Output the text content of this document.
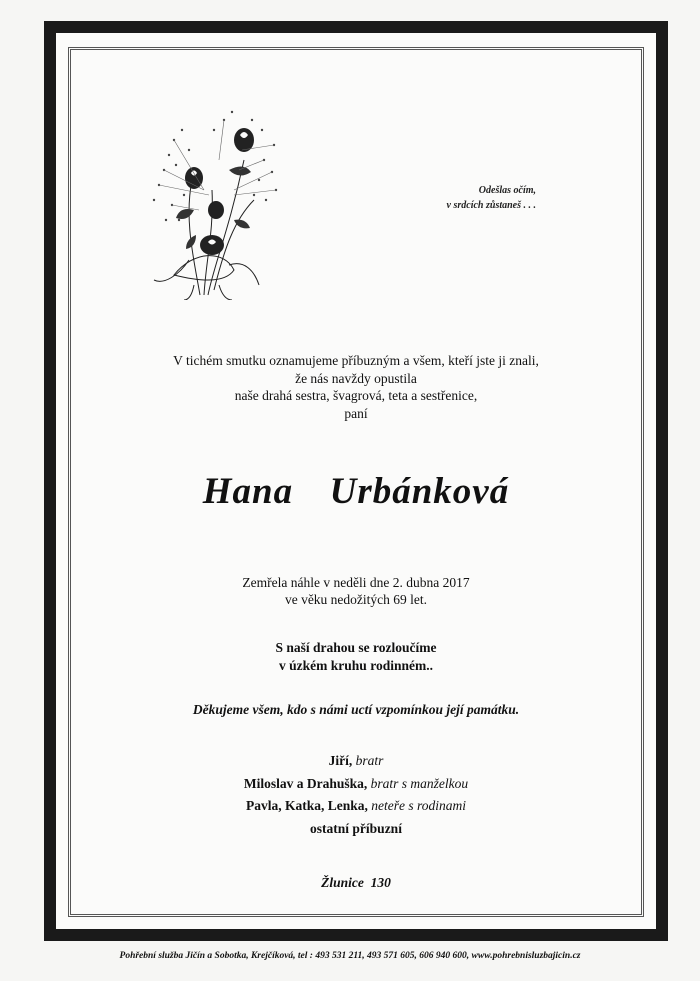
Odešlas očím,
v srdcích zůstaneš . . .
V tichém smutku oznamujeme příbuzným a všem, kteří jste ji znali,
že nás navždy opustila
naše drahá sestra, švagrová, teta a sestřenice,
paní
Hana  Urbánková
Zemřela náhle v neděli dne 2. dubna 2017
ve věku nedožitých 69 let.
S naší drahou se rozloučíme
v úzkém kruhu rodinném..
Děkujeme všem, kdo s námi uctí vzpomínkou její památku.
Jiří, bratr
Miloslav a Drahuška, bratr s manželkou
Pavla, Katka, Lenka, neteře s rodinami
ostatní příbuzní
Žlunice  130
Pohřební služba Jičín a Sobotka, Krejčíková, tel : 493 531 211, 493 571 605, 606 940 600, www.pohrebnisluzbajicin.cz
